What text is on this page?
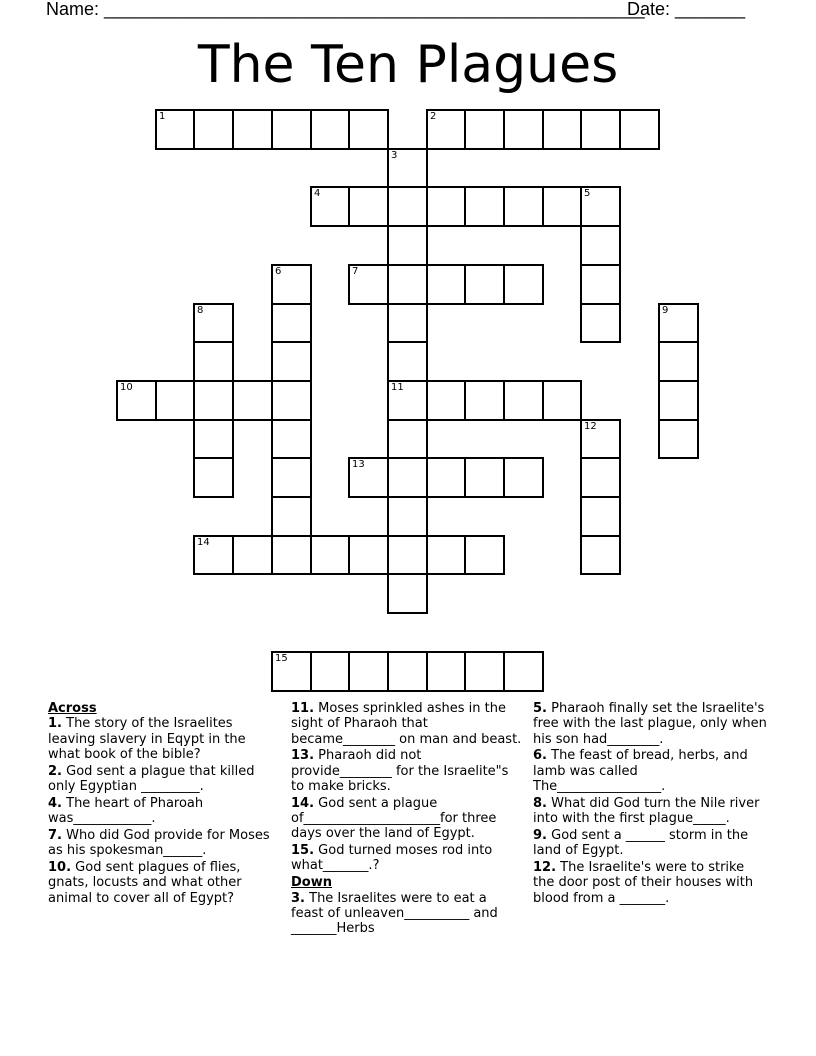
Name: ______________________________________________________
Date: _______
The Ten Plagues
1	2
3
11
4	5
6	7
8	9
10
12
13
14
15
Across
1. The story of the Israelites leaving slavery in Eqypt in the what book of the bible?
2. God sent a plague that killed only Egyptian _________.
4. The heart of Pharoah was____________.
7. Who did God provide for Moses as his spokesman______.
10. God sent plagues of flies, gnats, locusts and what other animal to cover all of Egypt?
11. Moses sprinkled ashes in the sight of Pharaoh that became________ on man and beast.
13. Pharaoh did not provide________ for the Israelite"s to make bricks.
14. God sent a plague of_____________________for three days over the land of Egypt.
15. God turned moses rod into what_______.?
Down
3. The Israelites were to eat a feast of unleaven__________ and _______Herbs
5. Pharaoh finally set the Israelite's free with the last plague, only when his son had________.
6. The feast of bread, herbs, and lamb was called The________________.
8. What did God turn the Nile river into with the first plague_____.
9. God sent a ______ storm in the land of Egypt.
12. The Israelite's were to strike the door post of their houses with blood from a _______.
